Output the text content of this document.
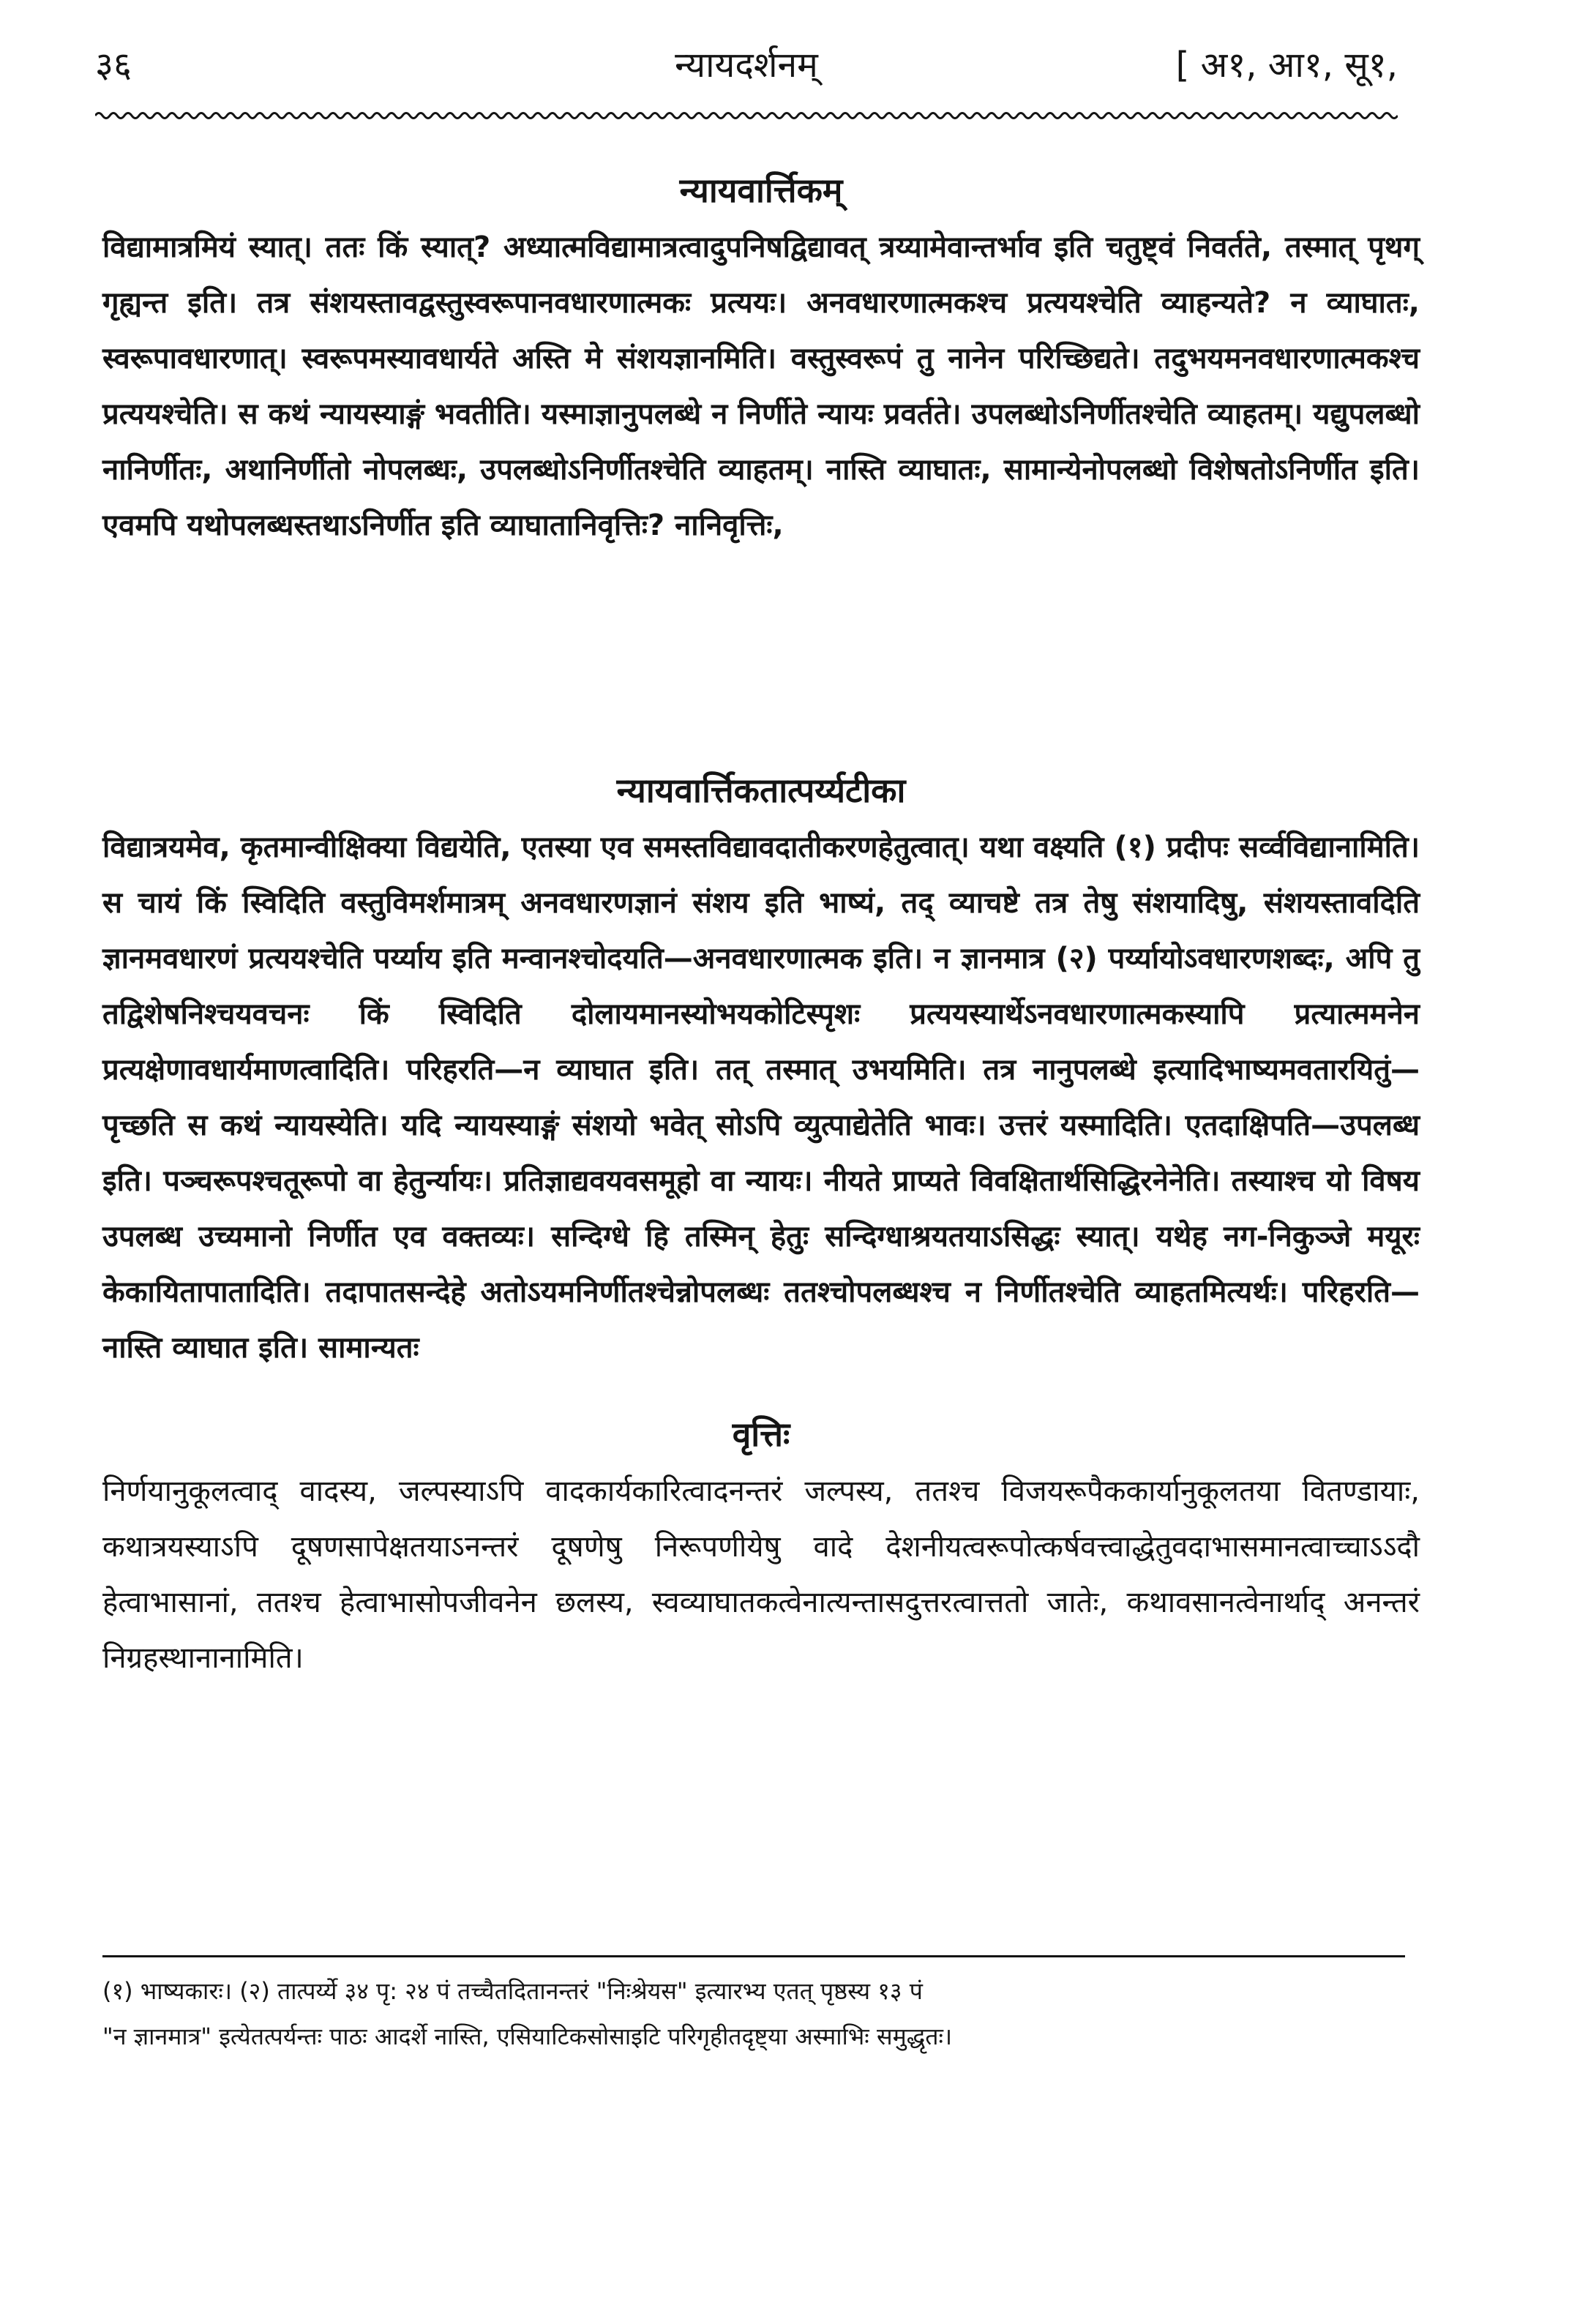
३६	न्यायदर्शनम्	[ अ१, आ१, सू१,
न्यायवार्त्तिकम्

विद्यामात्रमियं स्यात्। ततः किं स्यात्? अध्यात्मविद्यामात्रत्वादुपनिषद्विद्यावत् त्रय्यामेवान्तर्भाव इति चतुष्ट्वं निवर्तते, तस्मात् पृथग् गृह्यन्त इति। तत्र संशयस्तावद्वस्तुस्वरूपानवधारणात्मकः प्रत्ययः। अनवधारणात्मकश्च प्रत्ययश्चेति व्याहन्यते? न व्याघातः, स्वरूपावधारणात्। स्वरूपमस्यावधार्यते अस्ति मे संशयज्ञानमिति। वस्तुस्वरूपं तु नानेन परिच्छिद्यते। तदुभयमनवधारणात्मकश्च प्रत्ययश्चेति। स कथं न्यायस्याङ्गं भवतीति। यस्माज्ञानुपलब्धे न निर्णीते न्यायः प्रवर्तते। उपलब्धोऽनिर्णीतश्चेति व्याहतम्। यद्युपलब्धो नानिर्णीतः, अथानिर्णीतो नोपलब्धः, उपलब्धोऽनिर्णीतश्चेति व्याहतम्। नास्ति व्याघातः, सामान्येनोपलब्धो विशेषतोऽनिर्णीत इति। एवमपि यथोपलब्धस्तथाऽनिर्णीत इति व्याघातानिवृत्तिः? नानिवृत्तिः,

न्यायवार्त्तिकतात्पर्य्यटीका

विद्यात्रयमेव, कृतमान्वीक्षिक्या विद्ययेति, एतस्या एव समस्तविद्यावदातीकरणहेतुत्वात्। यथा वक्ष्यति (१) प्रदीपः सर्व्वविद्यानामिति। स चायं किं स्विदिति वस्तुविमर्शमात्रम् अनवधारणज्ञानं संशय इति भाष्यं, तद् व्याचष्टे तत्र तेषु संशयादिषु, संशयस्तावदिति ज्ञानमवधारणं प्रत्ययश्चेति पर्य्याय इति मन्वानश्चोदयति—अनवधारणात्मक इति। न ज्ञानमात्र (२) पर्य्यायोऽवधारणशब्दः, अपि तु तद्विशेषनिश्चयवचनः किं स्विदिति दोलायमानस्योभयकोटिस्पृशः प्रत्ययस्यार्थेऽनवधारणात्मकस्यापि प्रत्यात्ममनेन प्रत्यक्षेणावधार्यमाणत्वादिति। परिहरति—न व्याघात इति। तत् तस्मात् उभयमिति। तत्र नानुपलब्धे इत्यादिभाष्यमवतारयितुं—पृच्छति स कथं न्यायस्येति। यदि न्यायस्याङ्गं संशयो भवेत् सोऽपि व्युत्पाद्येतेति भावः। उत्तरं यस्मादिति। एतदाक्षिपति—उपलब्ध इति। पञ्चरूपश्चतूरूपो वा हेतुर्न्यायः। प्रतिज्ञाद्यवयवसमूहो वा न्यायः। नीयते प्राप्यते विवक्षितार्थसिद्धिरनेनेति। तस्याश्च यो विषय उपलब्ध उच्यमानो निर्णीत एव वक्तव्यः। सन्दिग्धे हि तस्मिन् हेतुः सन्दिग्धाश्रयतयाऽसिद्धः स्यात्। यथेह नग-निकुञ्जे मयूरः केकायितापातादिति। तदापातसन्देहे अतोऽयमनिर्णीतश्चेन्नोपलब्धः ततश्चोपलब्धश्च न निर्णीतश्चेति व्याहतमित्यर्थः। परिहरति—नास्ति व्याघात इति। सामान्यतः

वृत्तिः

निर्णयानुकूलत्वाद् वादस्य, जल्पस्याऽपि वादकार्यकारित्वादनन्तरं जल्पस्य, ततश्च विजयरूपैककार्यानुकूलतया वितण्डायाः, कथात्रयस्याऽपि दूषणसापेक्षतयाऽनन्तरं दूषणेषु निरूपणीयेषु वादे देशनीयत्वरूपोत्कर्षवत्त्वाद्धेतुवदाभासमानत्वाच्चाऽऽदौ हेत्वाभासानां, ततश्च हेत्वाभासोपजीवनेन छलस्य, स्वव्याघातकत्वेनात्यन्तासदुत्तरत्वात्ततो जातेः, कथावसानत्वेनार्थाद् अनन्तरं निग्रहस्थानानामिति।

(१) भाष्यकारः। (२) तात्पर्य्ये ३४ पृ: २४ पं तच्चैतदितानन्तरं "निःश्रेयस" इत्यारभ्य एतत् पृष्ठस्य १३ पं
"न ज्ञानमात्र" इत्येतत्पर्यन्तः पाठः आदर्शे नास्ति, एसियाटिकसोसाइटि परिगृहीतदृष्ट्या अस्माभिः समुद्धृतः।
